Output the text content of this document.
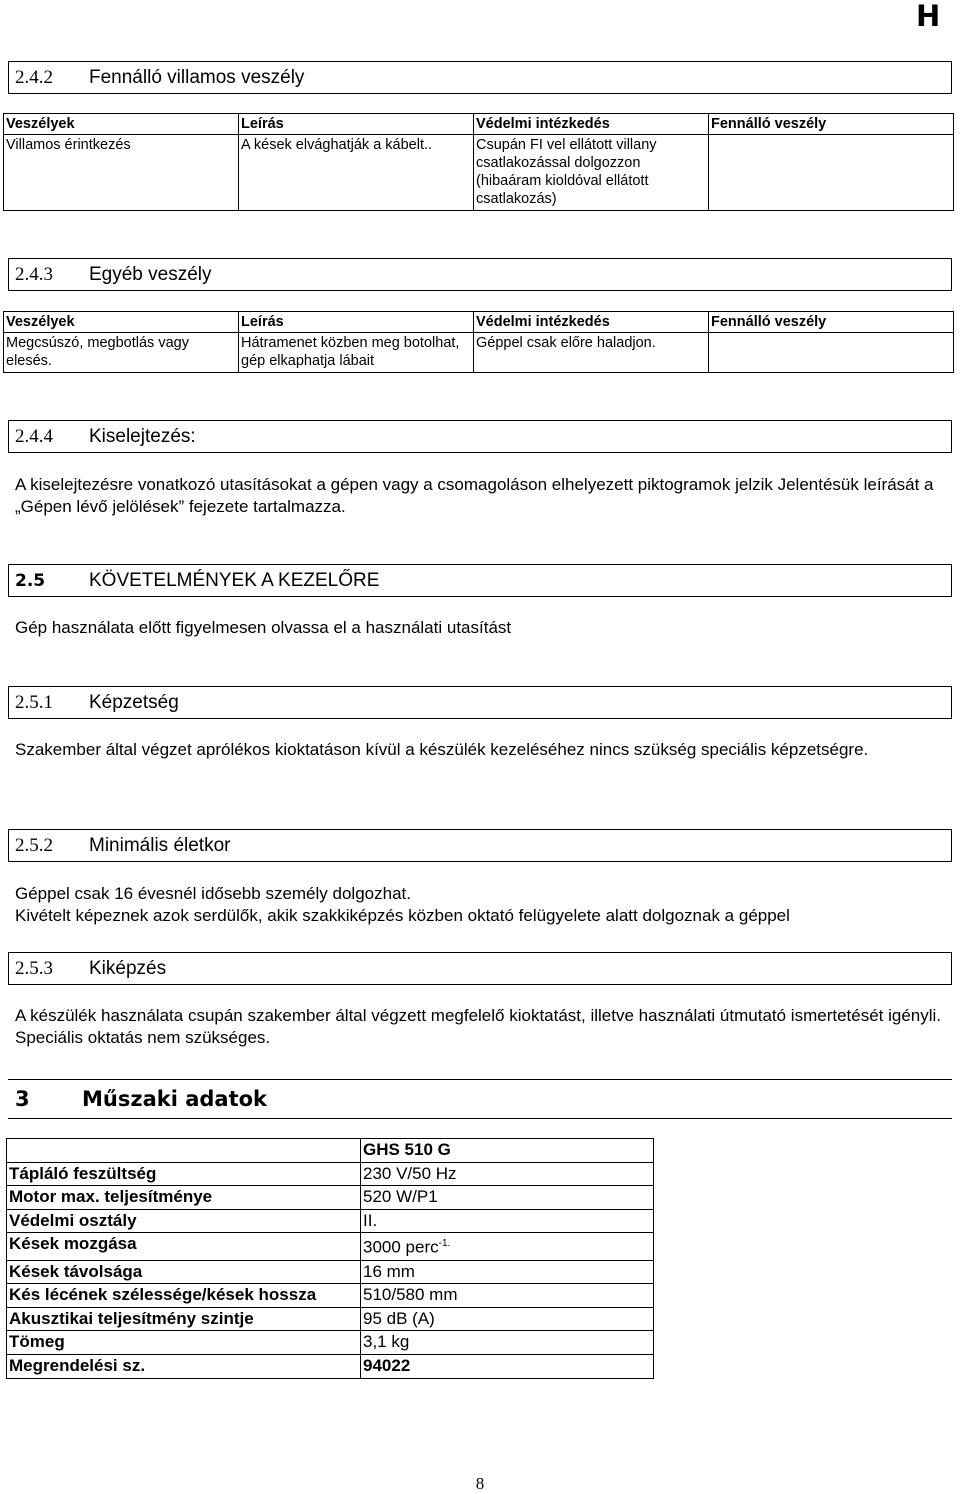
H
2.4.2	Fennálló villamos veszély
Veszélyek	Leírás	Védelmi intézkedés	Fennálló veszély
Villamos érintkezés	A kések elvághatják a kábelt..	Csupán FI vel ellátott villany csatlakozással dolgozzon (hibaáram kioldóval ellátott csatlakozás)	
2.4.3	Egyéb veszély
Veszélyek	Leírás	Védelmi intézkedés	Fennálló veszély
Megcsúszó, megbotlás vagy elesés.	Hátramenet közben meg botolhat, gép elkaphatja lábait	Géppel csak előre haladjon.	
2.4.4	Kiselejtezés:
A kiselejtezésre vonatkozó utasításokat a gépen vagy a csomagoláson elhelyezett piktogramok jelzik Jelentésük leírását a „Gépen lévő jelölések” fejezete tartalmazza.
2.5	KÖVETELMÉNYEK A KEZELŐRE
Gép használata előtt figyelmesen olvassa el a használati utasítást
2.5.1	Képzetség
Szakember által végzet aprólékos kioktatáson kívül a készülék kezeléséhez nincs szükség speciális képzetségre.
2.5.2	Minimális életkor
Géppel csak 16 évesnél idősebb személy dolgozhat.
Kivételt képeznek azok serdülők, akik szakkiképzés közben oktató felügyelete alatt dolgoznak a géppel
2.5.3	Kiképzés
A készülék használata csupán szakember által végzett megfelelő kioktatást, illetve használati útmutató ismertetését igényli. Speciális oktatás nem szükséges.
3	Műszaki adatok
	GHS 510 G
Tápláló feszültség	230 V/50 Hz
Motor max. teljesítménye	520 W/P1
Védelmi osztály	II.
Kések mozgása	3000 perc$^{-1.}$
Kések távolsága	16 mm
Kés lécének szélessége/kések hossza	510/580 mm
Akusztikai teljesítmény szintje	95 dB (A)
Tömeg	3,1 kg
Megrendelési sz.	94022
8
